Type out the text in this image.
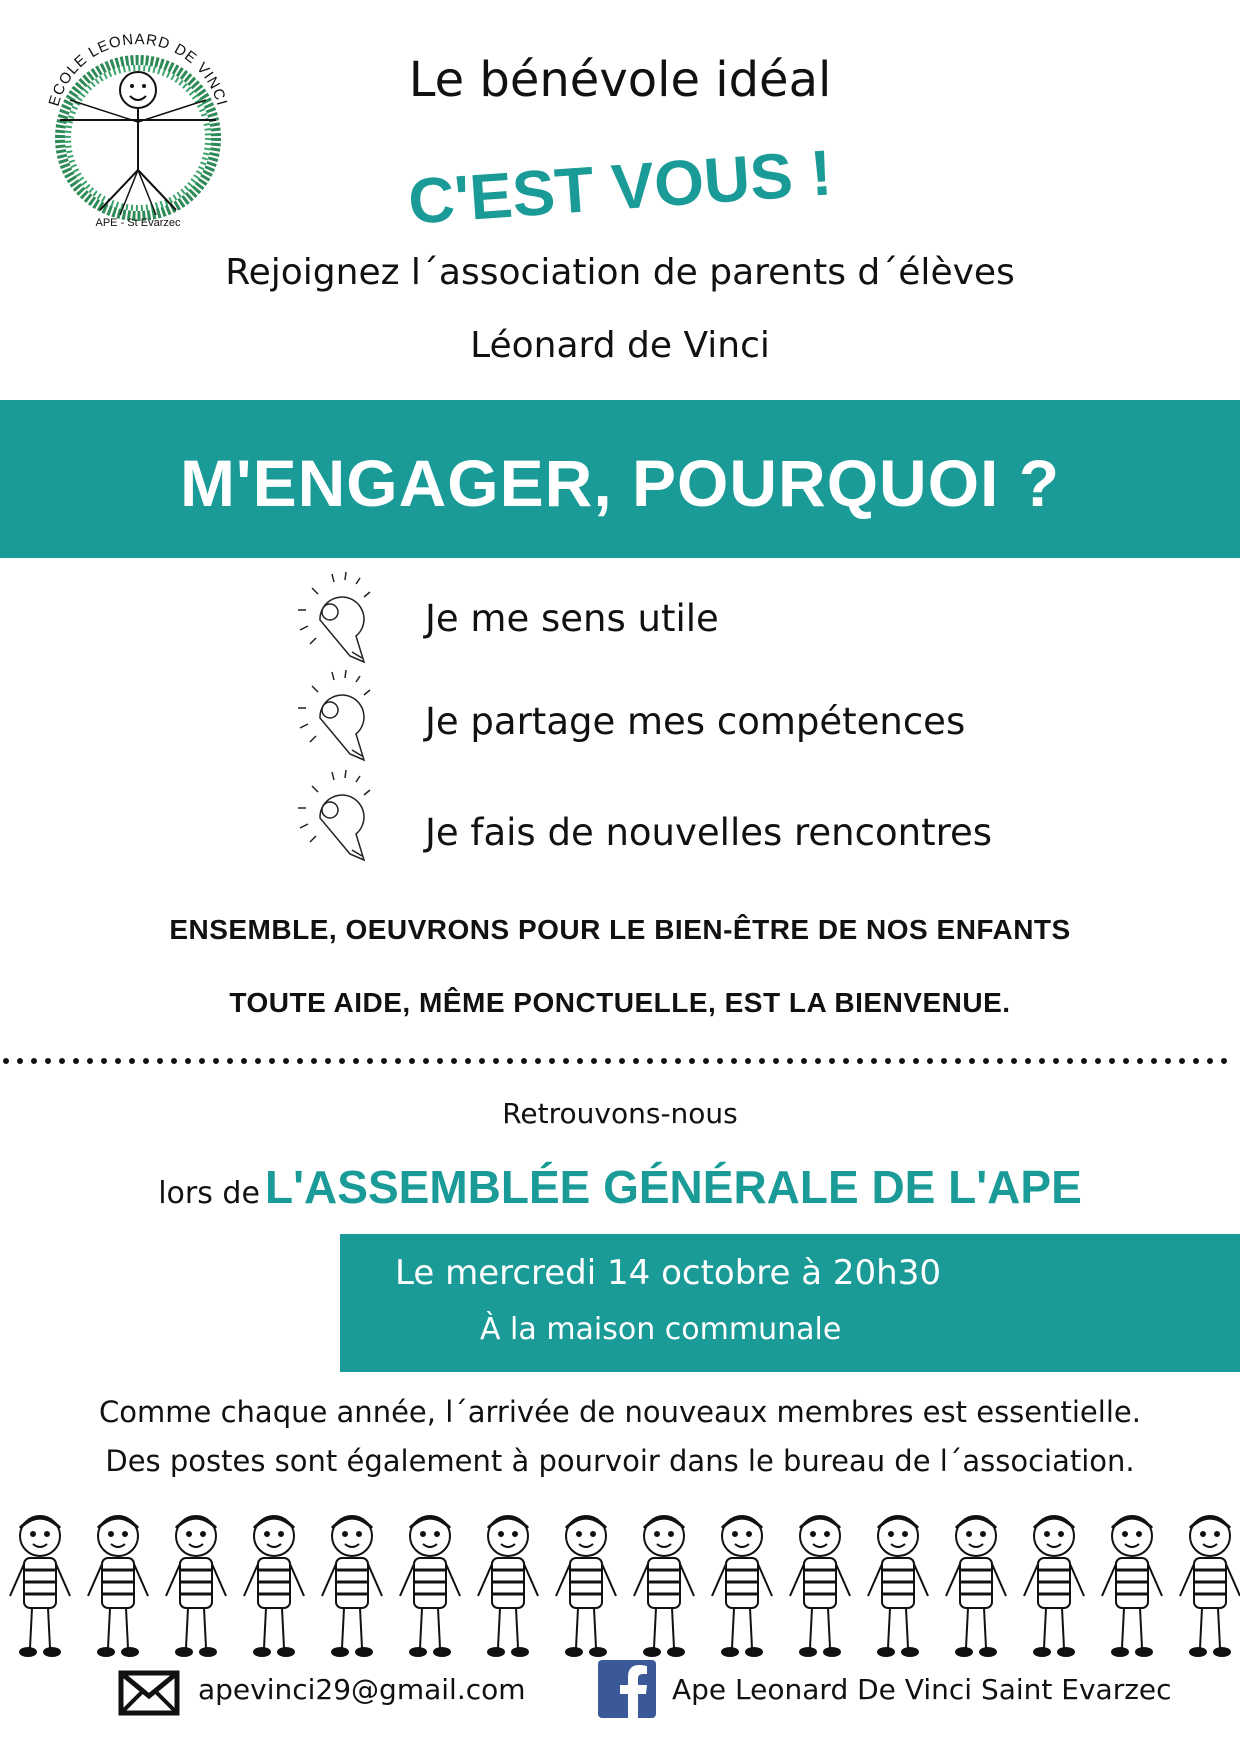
ECOLE LEONARD DE VINCI
APE - St Evarzec
Le bénévole idéal
C'EST VOUS !
Rejoignez l´association de parents d´élèves
Léonard de Vinci
M'ENGAGER, POURQUOI ?
Je me sens utile
Je partage mes compétences
Je fais de nouvelles rencontres
ENSEMBLE, OEUVRONS POUR LE BIEN-ÊTRE DE NOS ENFANTS
TOUTE AIDE, MÊME PONCTUELLE, EST LA BIENVENUE.
Retrouvons-nous
lors de L'ASSEMBLÉE GÉNÉRALE DE L'APE
Le mercredi 14 octobre à 20h30
À la maison communale
Comme chaque année, l´arrivée de nouveaux membres est essentielle.
Des postes sont également à pourvoir dans le bureau de l´association.
apevinci29@gmail.com	Ape Leonard De Vinci Saint Evarzec
